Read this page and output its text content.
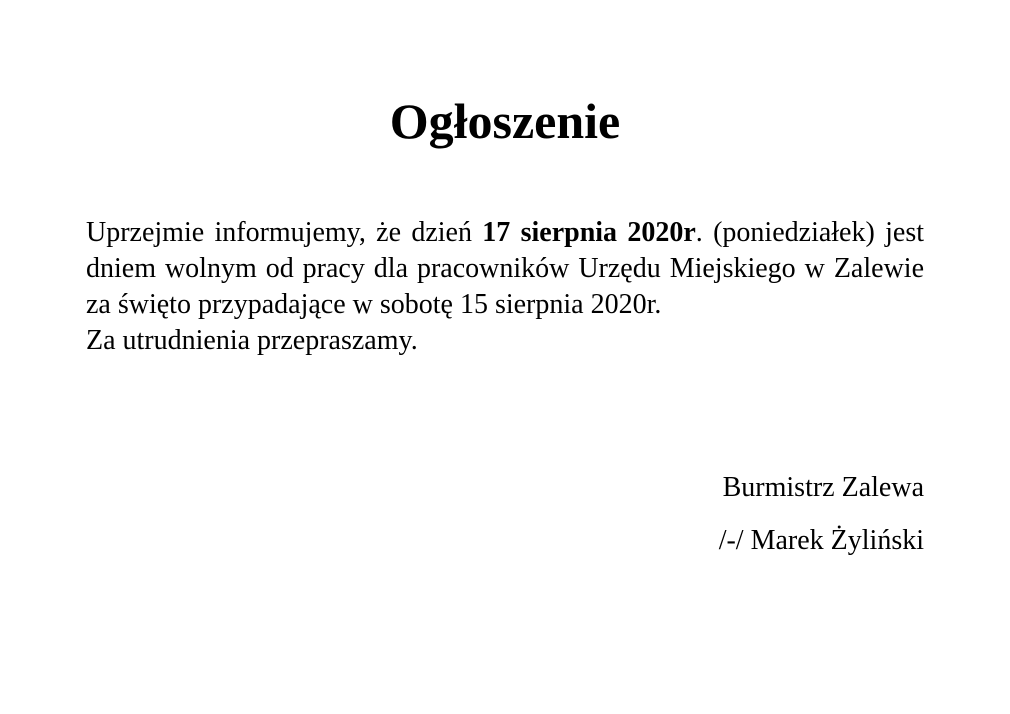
Ogłoszenie

Uprzejmie informujemy, że dzień 17 sierpnia 2020r. (poniedziałek) jest dniem wolnym od pracy dla pracowników Urzędu Miejskiego w Zalewie za święto przypadające w sobotę 15 sierpnia 2020r.

Za utrudnienia przepraszamy.

Burmistrz Zalewa

/-/ Marek Żyliński
